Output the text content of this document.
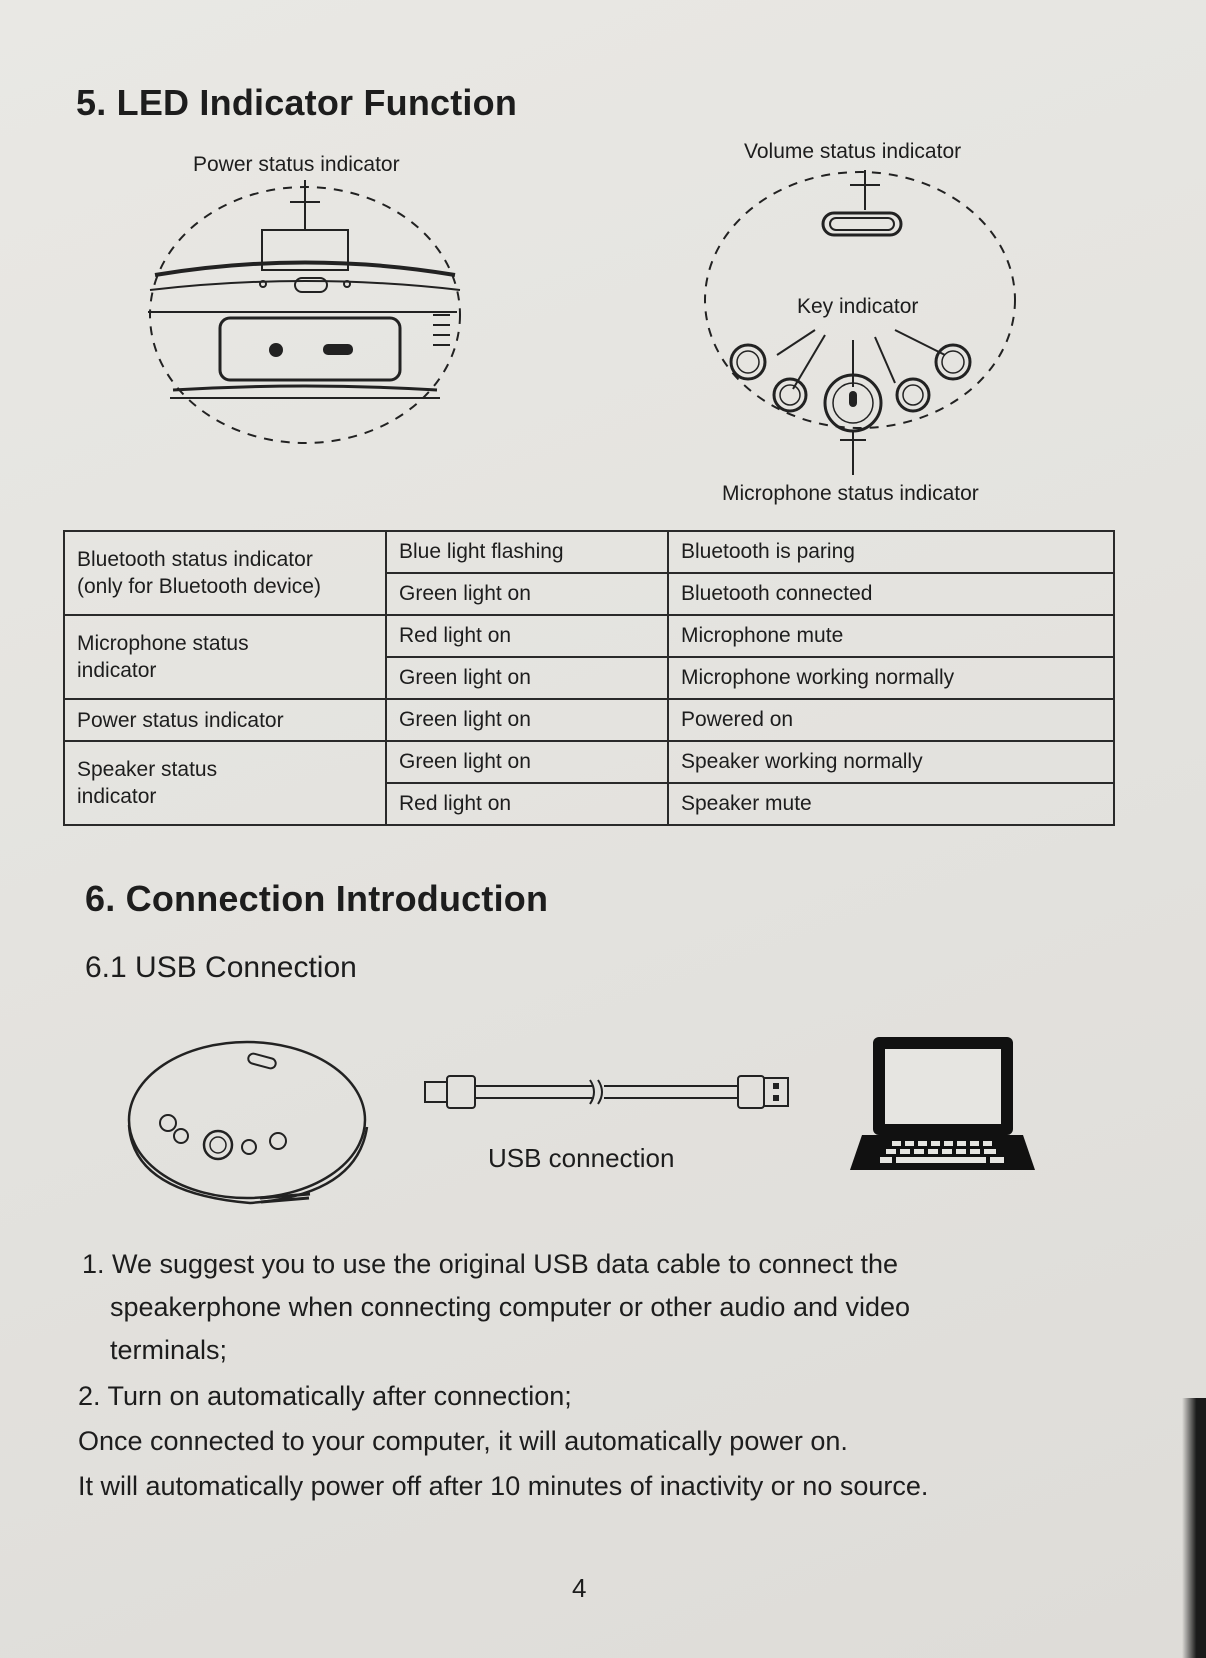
5. LED Indicator Function
Power status indicator
Volume status indicator
Key indicator
Microphone status indicator
Bluetooth status indicator
(only for Bluetooth device)	Blue light flashing	Bluetooth is paring
	Green light on	Bluetooth connected
Microphone status
indicator	Red light on	Microphone mute
	Green light on	Microphone working normally
Power status indicator	Green light on	Powered on
Speaker status
indicator	Green light on	Speaker working normally
	Red light on	Speaker mute
6. Connection Introduction
6.1 USB Connection
USB connection
1. We suggest you to use the original USB data cable to connect the
speakerphone when connecting computer or other audio and video
terminals;
2. Turn on automatically after connection;
Once connected to your computer, it will automatically power on.
It will automatically power off after 10 minutes of inactivity or no source.
4
